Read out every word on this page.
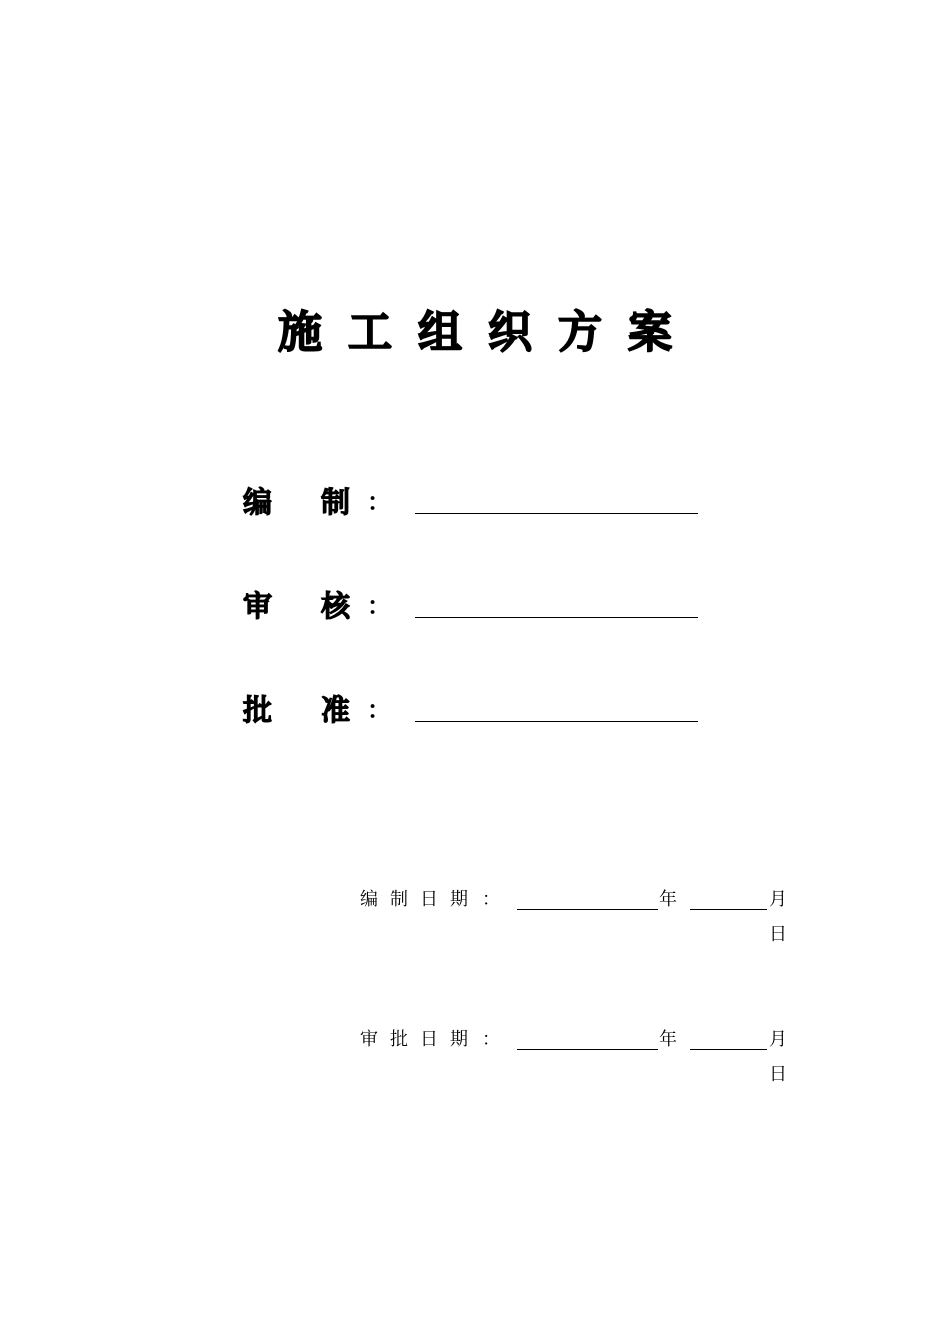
施工组织方案
编 制 ：
审 核 ：
批 准 ：
编制日期 ：	年	月
日
审批日期 ：	年	月
日
